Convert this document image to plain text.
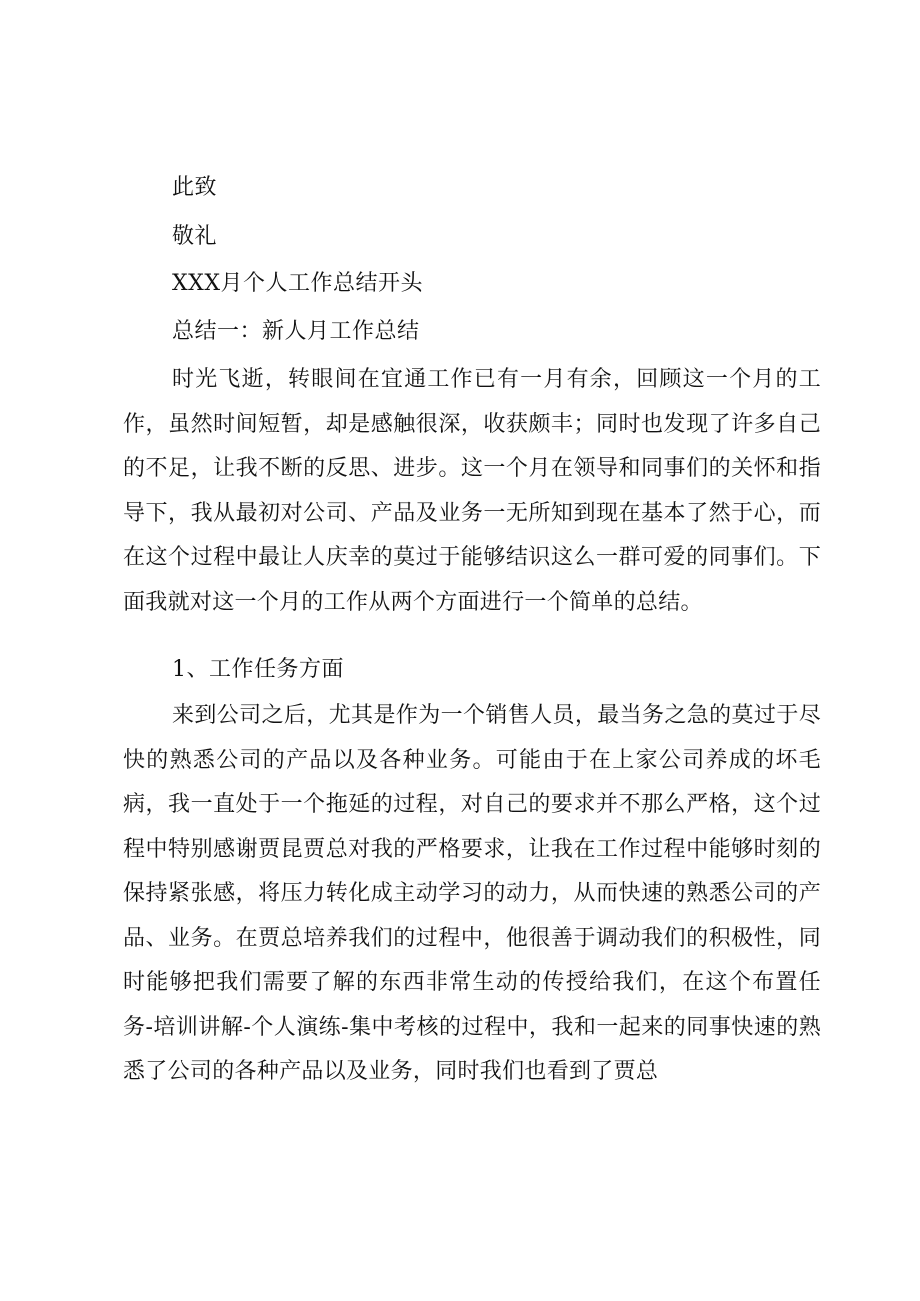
此致
敬礼
XXX月个人工作总结开头
总结一：新人月工作总结

时光飞逝，转眼间在宜通工作已有一月有余，回顾这一个月的工作，虽然时间短暂，却是感触很深，收获颇丰；同时也发现了许多自己的不足，让我不断的反思、进步。这一个月在领导和同事们的关怀和指导下，我从最初对公司、产品及业务一无所知到现在基本了然于心，而在这个过程中最让人庆幸的莫过于能够结识这么一群可爱的同事们。下面我就对这一个月的工作从两个方面进行一个简单的总结。

1、工作任务方面

来到公司之后，尤其是作为一个销售人员，最当务之急的莫过于尽快的熟悉公司的产品以及各种业务。可能由于在上家公司养成的坏毛病，我一直处于一个拖延的过程，对自己的要求并不那么严格，这个过程中特别感谢贾昆贾总对我的严格要求，让我在工作过程中能够时刻的保持紧张感，将压力转化成主动学习的动力，从而快速的熟悉公司的产品、业务。在贾总培养我们的过程中，他很善于调动我们的积极性，同时能够把我们需要了解的东西非常生动的传授给我们，在这个布置任务-培训讲解-个人演练-集中考核的过程中，我和一起来的同事快速的熟悉了公司的各种产品以及业务，同时我们也看到了贾总
